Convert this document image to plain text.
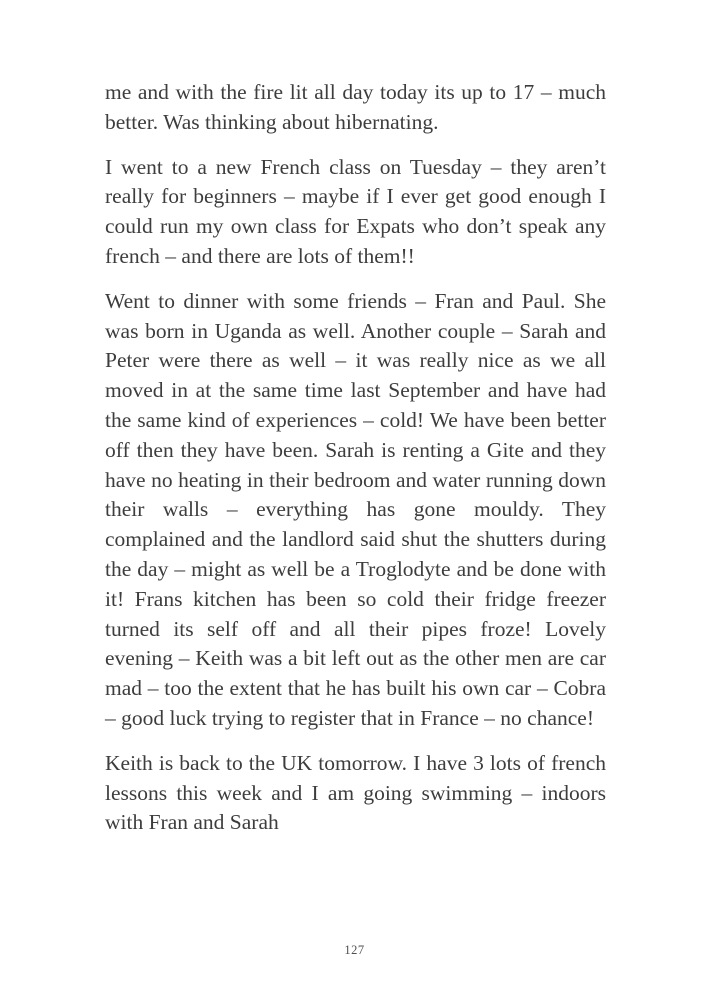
me and with the fire lit all day today its up to 17 – much better. Was thinking about hibernating.

I went to a new French class on Tuesday – they aren’t really for beginners – maybe if I ever get good enough I could run my own class for Expats who don’t speak any french – and there are lots of them!!

Went to dinner with some friends – Fran and Paul. She was born in Uganda as well. Another couple – Sarah and Peter were there as well – it was really nice as we all moved in at the same time last September and have had the same kind of experiences – cold! We have been better off then they have been. Sarah is renting a Gite and they have no heating in their bedroom and water running down their walls – everything has gone mouldy. They complained and the landlord said shut the shutters during the day – might as well be a Troglodyte and be done with it! Frans kitchen has been so cold their fridge freezer turned its self off and all their pipes froze! Lovely evening – Keith was a bit left out as the other men are car mad – too the extent that he has built his own car – Cobra – good luck trying to register that in France – no chance!

Keith is back to the UK tomorrow. I have 3 lots of french lessons this week and I am going swimming – indoors with Fran and Sarah

127
